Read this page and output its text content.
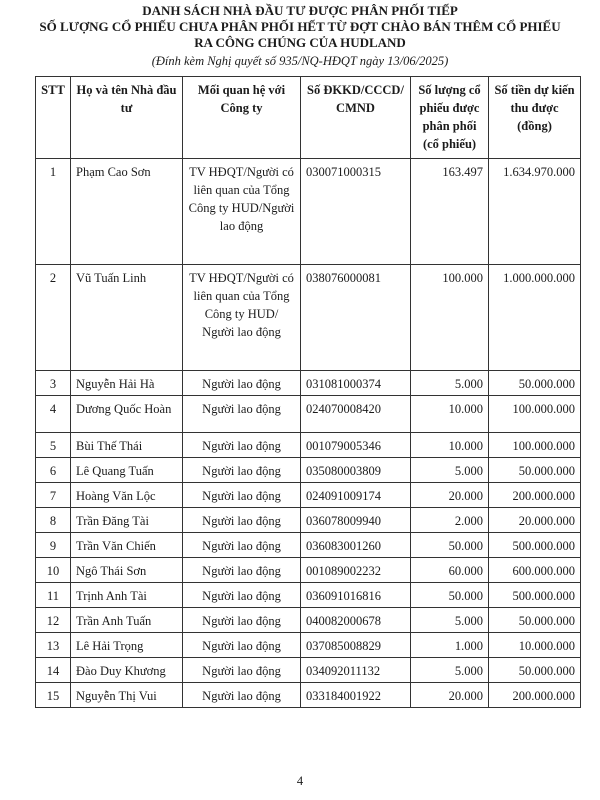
DANH SÁCH NHÀ ĐẦU TƯ ĐƯỢC PHÂN PHỐI TIẾP
SỐ LƯỢNG CỔ PHIẾU CHƯA PHÂN PHỐI HẾT TỪ ĐỢT CHÀO BÁN THÊM CỔ PHIẾU
RA CÔNG CHÚNG CỦA HUDLAND
(Đính kèm Nghị quyết số 935/NQ-HĐQT ngày 13/06/2025)
STT	Họ và tên Nhà đầu tư	Mối quan hệ với Công ty	Số ĐKKD/CCCD/ CMND	Số lượng cổ phiếu được phân phối (cổ phiếu)	Số tiền dự kiến thu được (đồng)
1	Phạm Cao Sơn	TV HĐQT/Người có liên quan của Tổng Công ty HUD/Người lao động	030071000315	163.497	1.634.970.000
2	Vũ Tuấn Linh	TV HĐQT/Người có liên quan của Tổng Công ty HUD/ Người lao động	038076000081	100.000	1.000.000.000
3	Nguyễn Hải Hà	Người lao động	031081000374	5.000	50.000.000
4	Dương Quốc Hoàn	Người lao động	024070008420	10.000	100.000.000
5	Bùi Thế Thái	Người lao động	001079005346	10.000	100.000.000
6	Lê Quang Tuấn	Người lao động	035080003809	5.000	50.000.000
7	Hoàng Văn Lộc	Người lao động	024091009174	20.000	200.000.000
8	Trần Đăng Tài	Người lao động	036078009940	2.000	20.000.000
9	Trần Văn Chiến	Người lao động	036083001260	50.000	500.000.000
10	Ngô Thái Sơn	Người lao động	001089002232	60.000	600.000.000
11	Trịnh Anh Tài	Người lao động	036091016816	50.000	500.000.000
12	Trần Anh Tuấn	Người lao động	040082000678	5.000	50.000.000
13	Lê Hải Trọng	Người lao động	037085008829	1.000	10.000.000
14	Đào Duy Khương	Người lao động	034092011132	5.000	50.000.000
15	Nguyễn Thị Vui	Người lao động	033184001922	20.000	200.000.000
4
